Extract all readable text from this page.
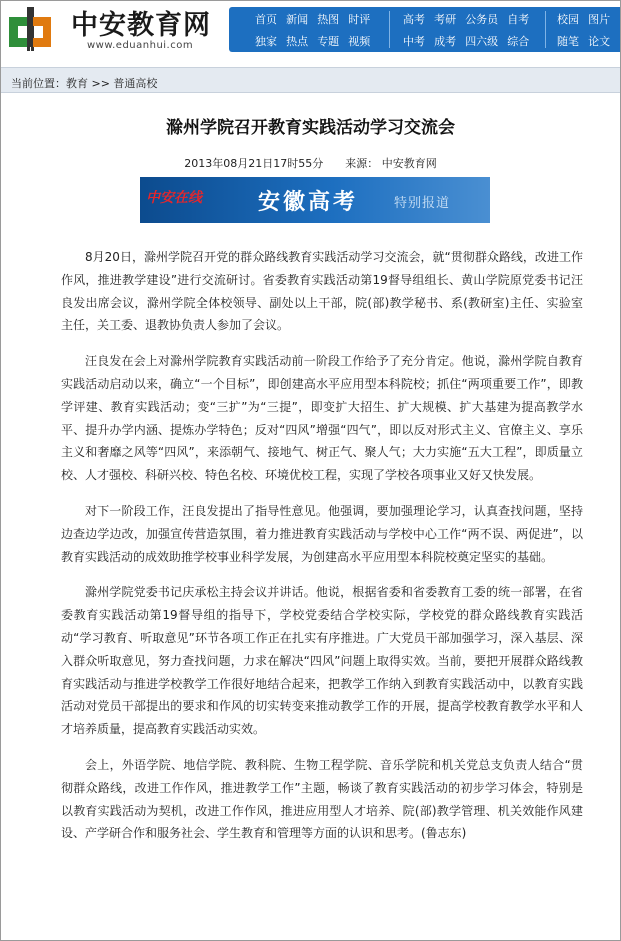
中安教育网
www.eduanhui.com
首页 新闻 热图 时评
独家 热点 专题 视频
高考 考研 公务员 自考
中考 成考 四六级 综合
校园 图片
随笔 论文
$_{当前位置:教育}$ $_{>> 普通高校}$
滁州学院召开教育实践活动学习交流会
2013年08月21日17时55分 来源： 中安教育网
中安在线	安徽高考	特别报道

8月20日，滁州学院召开党的群众路线教育实践活动学习交流会，就“贯彻群众路线，改进工作作风，推进教学建设”进行交流研讨。省委教育实践活动第19督导组组长、黄山学院原党委书记汪良发出席会议，滁州学院全体校领导、副处以上干部，院(部)教学秘书、系(教研室)主任、实验室主任，关工委、退教协负责人参加了会议。

汪良发在会上对滁州学院教育实践活动前一阶段工作给予了充分肯定。他说，滁州学院自教育实践活动启动以来，确立“一个目标”，即创建高水平应用型本科院校；抓住“两项重要工作”，即教学评建、教育实践活动；变“三扩”为“三提”，即变扩大招生、扩大规模、扩大基建为提高教学水平、提升办学内涵、提炼办学特色；反对“四风”增强“四气”，即以反对形式主义、官僚主义、享乐主义和奢靡之风等“四风”，来添朝气、接地气、树正气、聚人气；大力实施“五大工程”，即质量立校、人才强校、科研兴校、特色名校、环境优校工程，实现了学校各项事业又好又快发展。

对下一阶段工作，汪良发提出了指导性意见。他强调，要加强理论学习，认真查找问题，坚持边查边学边改，加强宣传营造氛围，着力推进教育实践活动与学校中心工作“两不误、两促进”，以教育实践活动的成效助推学校事业科学发展，为创建高水平应用型本科院校奠定坚实的基础。

滁州学院党委书记庆承松主持会议并讲话。他说，根据省委和省委教育工委的统一部署，在省委教育实践活动第19督导组的指导下，学校党委结合学校实际，学校党的群众路线教育实践活动“学习教育、听取意见”环节各项工作正在扎实有序推进。广大党员干部加强学习，深入基层、深入群众听取意见，努力查找问题，力求在解决“四风”问题上取得实效。当前，要把开展群众路线教育实践活动与推进学校教学工作很好地结合起来，把教学工作纳入到教育实践活动中，以教育实践活动对党员干部提出的要求和作风的切实转变来推动教学工作的开展，提高学校教育教学水平和人才培养质量，提高教育实践活动实效。

会上，外语学院、地信学院、教科院、生物工程学院、音乐学院和机关党总支负责人结合“贯彻群众路线，改进工作作风，推进教学工作”主题，畅谈了教育实践活动的初步学习体会，特别是以教育实践活动为契机，改进工作作风，推进应用型人才培养、院(部)教学管理、机关效能作风建设、产学研合作和服务社会、学生教育和管理等方面的认识和思考。(鲁志东)
